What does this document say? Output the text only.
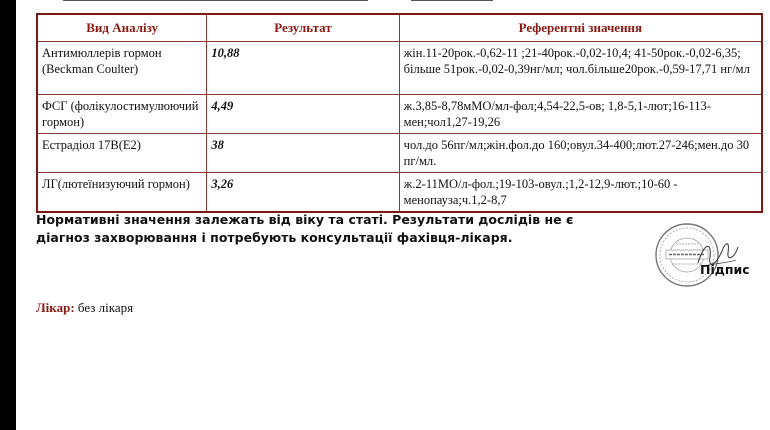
Вид Аналізу	Результат	Референтні значення
Антимюллерів гормон (Beckman Coulter)	10,88	жін.11-20рок.-0,62-11 ;21-40рок.-0,02-10,4; 41-50рок.-0,02-6,35; більше 51рок.-0,02-0,39нг/мл; чол.більше20рок.-0,59-17,71 нг/мл
ФСГ (фолікулостимулюючий гормон)	4,49	ж.3,85-8,78мМО/мл-фол;4,54-22,5-ов; 1,8-5,1-лют;16-113-мен;чол1,27-19,26
Естрадіол 17В(Е2)	38	чол.до 56пг/мл;жін.фол.до 160;овул.34-400;лют.27-246;мен.до 30 пг/мл.
ЛГ(лютеїнизуючий гормон)	3,26	ж.2-11МО/л-фол.;19-103-овул.;1,2-12,9-лют.;10-60 - менопауза;ч.1,2-8,7
Нормативні значення залежать від віку та статі. Результати дослідів не є діагноз захворювання і потребують консультації фахівця-лікаря.
Підпис
Лікар: без лікаря
